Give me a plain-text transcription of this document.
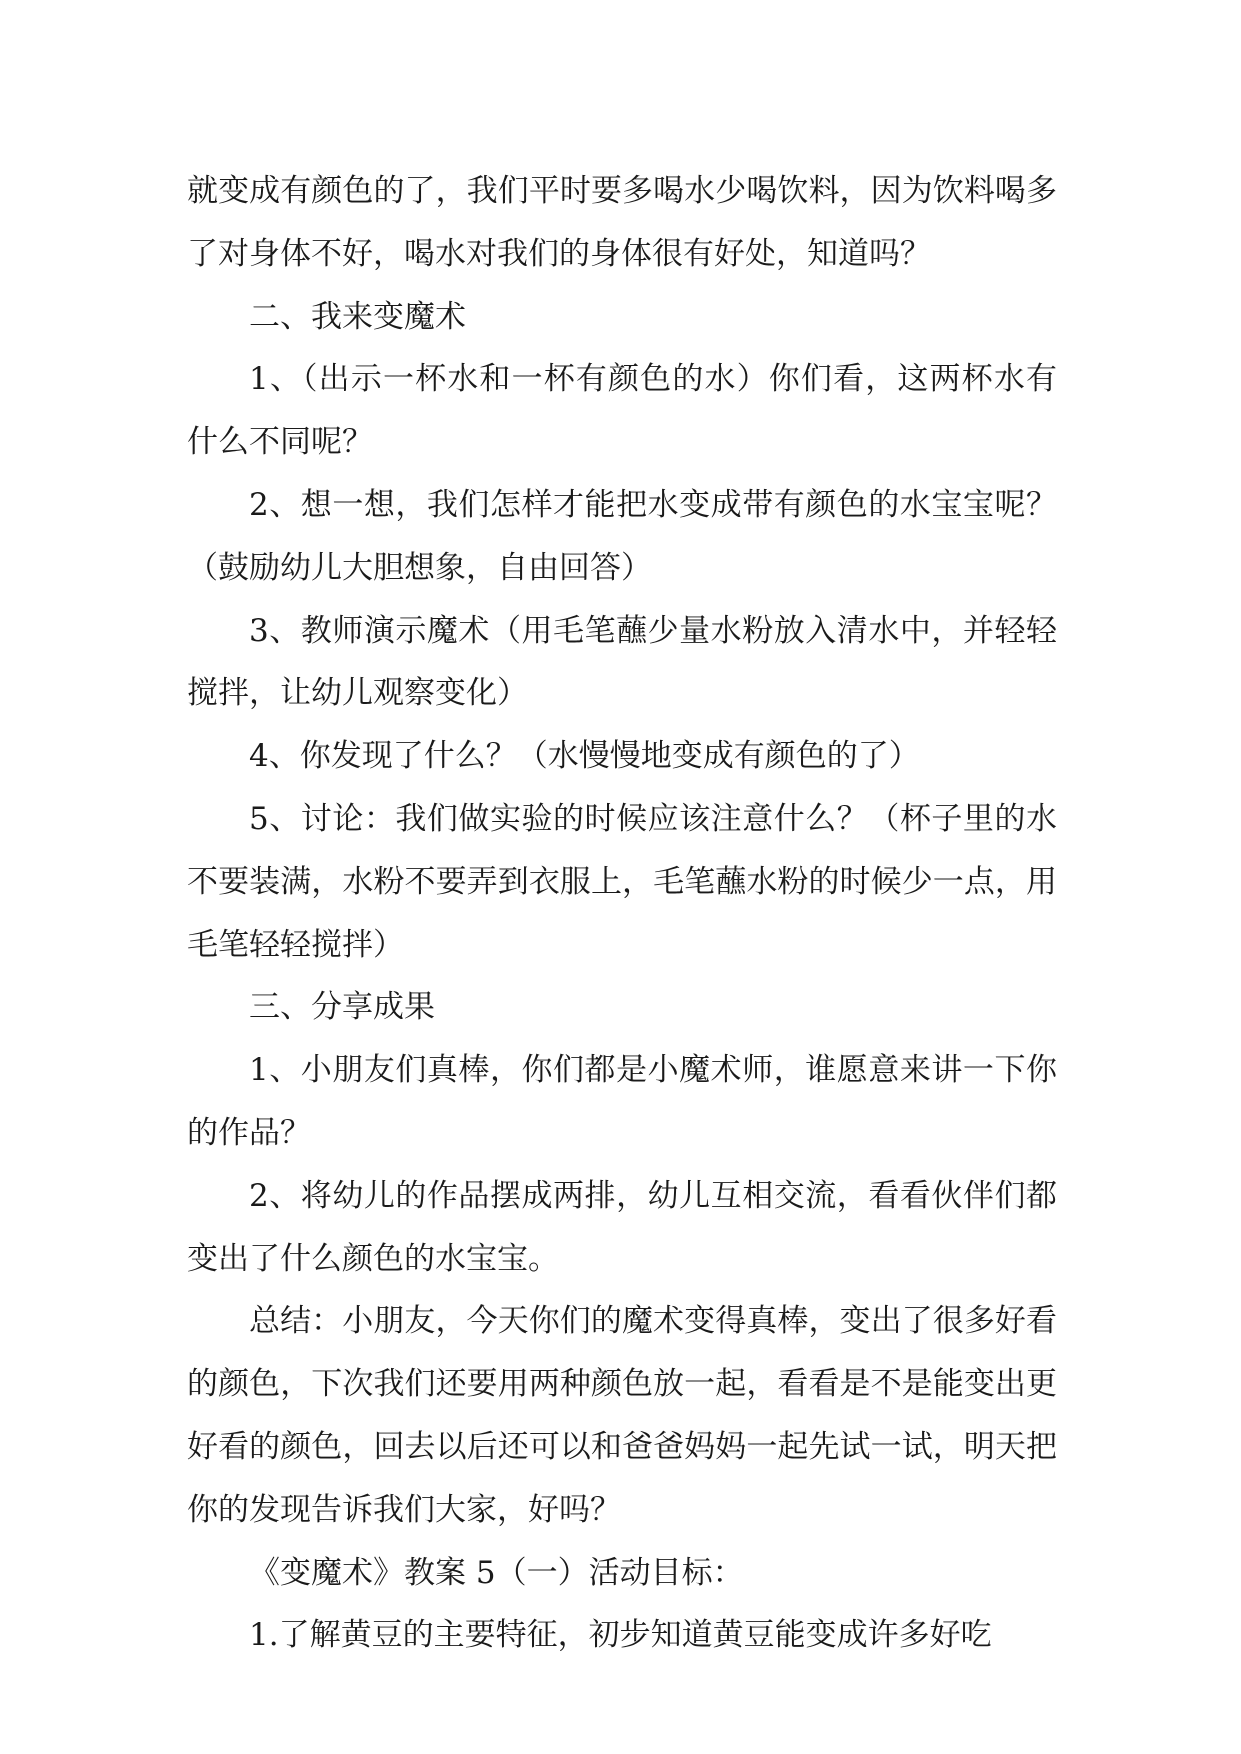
就变成有颜色的了，我们平时要多喝水少喝饮料，因为饮料喝多了对身体不好，喝水对我们的身体很有好处，知道吗？

二、我来变魔术

1、（出示一杯水和一杯有颜色的水）你们看，这两杯水有什么不同呢？

2、想一想，我们怎样才能把水变成带有颜色的水宝宝呢？（鼓励幼儿大胆想象，自由回答）

3、教师演示魔术（用毛笔蘸少量水粉放入清水中，并轻轻搅拌，让幼儿观察变化）

4、你发现了什么？（水慢慢地变成有颜色的了）

5、讨论：我们做实验的时候应该注意什么？（杯子里的水不要装满，水粉不要弄到衣服上，毛笔蘸水粉的时候少一点，用毛笔轻轻搅拌）

三、分享成果

1、小朋友们真棒，你们都是小魔术师，谁愿意来讲一下你的作品？

2、将幼儿的作品摆成两排，幼儿互相交流，看看伙伴们都变出了什么颜色的水宝宝。

总结：小朋友，今天你们的魔术变得真棒，变出了很多好看的颜色，下次我们还要用两种颜色放一起，看看是不是能变出更好看的颜色，回去以后还可以和爸爸妈妈一起先试一试，明天把你的发现告诉我们大家，好吗？

《变魔术》教案 5（一）活动目标：

1.了解黄豆的主要特征，初步知道黄豆能变成许多好吃
